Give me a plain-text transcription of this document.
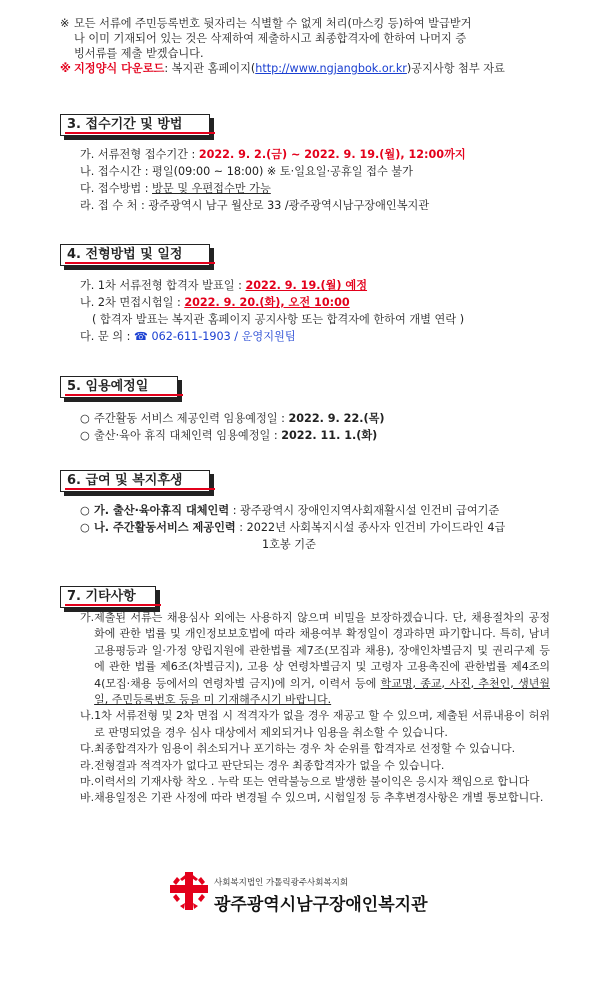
※ 모든 서류에 주민등록번호 뒷자리는 식별할 수 없게 처리(마스킹 등)하여 발급받거
나 이미 기재되어 있는 것은 삭제하여 제출하시고 최종합격자에 한하여 나머지 증
빙서류를 제출 받겠습니다.
※ 지정양식 다운로드: 복지관 홈페이지(http://www.ngjangbok.or.kr)공지사항 첨부 자료
3. 접수기간 및 방법
가. 서류전형 접수기간 : 2022. 9. 2.(금) ~ 2022. 9. 19.(월), 12:00까지
나. 접수시간 : 평일(09:00 ~ 18:00) ※ 토·일요일·공휴일 접수 불가
다. 접수방법 : 방문 및 우편접수만 가능
라. 접 수 처 : 광주광역시 남구 월산로 33 /광주광역시남구장애인복지관
4. 전형방법 및 일정
가. 1차 서류전형 합격자 발표일 : 2022. 9. 19.(월) 예정
나. 2차 면접시험일 : 2022. 9. 20.(화), 오전 10:00
( 합격자 발표는 복지관 홈페이지 공지사항 또는 합격자에 한하여 개별 연락 )
다. 문 의 : ☎ 062-611-1903 / 운영지원팀
5. 임용예정일
○ 주간활동 서비스 제공인력 임용예정일 : 2022. 9. 22.(목)
○ 출산·육아 휴직 대체인력 임용예정일 : 2022. 11. 1.(화)
6. 급여 및 복지후생
○ 가. 출산·육아휴직 대체인력 : 광주광역시 장애인지역사회재활시설 인건비 급여기준
○ 나. 주간활동서비스 제공인력 : 2022년 사회복지시설 종사자 인건비 가이드라인 4급
1호봉 기준
7. 기타사항
가. 제출된 서류는 채용심사 외에는 사용하지 않으며 비밀을 보장하겠습니다. 단, 채용절차의 공정화에 관한 법률 및 개인정보보호법에 따라 채용여부 확정일이 경과하면 파기합니다. 특히, 남녀고용평등과 일·가정 양립지원에 관한법률 제7조(모집과 채용), 장애인차별금지 및 권리구제 등에 관한 법률 제6조(차별금지), 고용 상 연령차별금지 및 고령자 고용촉진에 관한법률 제4조의4(모집·채용 등에서의 연령차별 금지)에 의거, 이력서 등에 학교명, 종교, 사진, 추천인, 생년월일, 주민등록번호 등을 미 기재해주시기 바랍니다.
나. 1차 서류전형 및 2차 면접 시 적격자가 없을 경우 재공고 할 수 있으며, 제출된 서류내용이 허위로 판명되었을 경우 심사 대상에서 제외되거나 임용을 취소할 수 있습니다.
다. 최종합격자가 임용이 취소되거나 포기하는 경우 차 순위를 합격자로 선정할 수 있습니다.
라. 전형결과 적격자가 없다고 판단되는 경우 최종합격자가 없을 수 있습니다.
마. 이력서의 기재사항 착오 . 누락 또는 연락불능으로 발생한 불이익은 응시자 책임으로 합니다
바. 채용일정은 기관 사정에 따라 변경될 수 있으며, 시험일정 등 추후변경사항은 개별 통보합니다.
사회복지법인 가톨릭광주사회복지회
광주광역시남구장애인복지관
